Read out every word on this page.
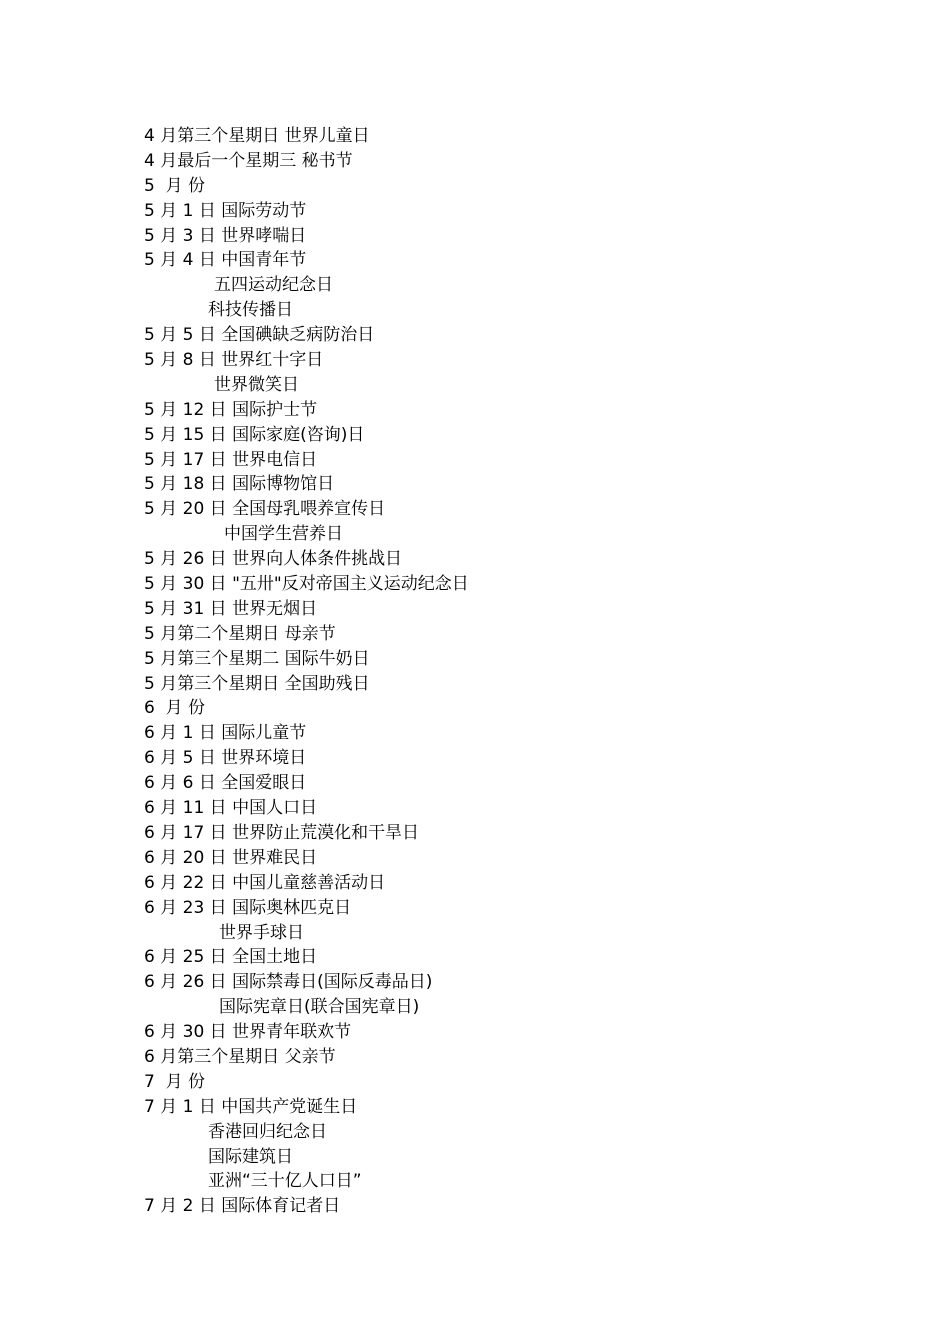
4 月第三个星期日 世界儿童日
4 月最后一个星期三 秘书节
5  月 份
5 月 1 日 国际劳动节
5 月 3 日 世界哮喘日
5 月 4 日 中国青年节
五四运动纪念日
科技传播日
5 月 5 日 全国碘缺乏病防治日
5 月 8 日 世界红十字日
世界微笑日
5 月 12 日 国际护士节
5 月 15 日 国际家庭(咨询)日
5 月 17 日 世界电信日
5 月 18 日 国际博物馆日
5 月 20 日 全国母乳喂养宣传日
中国学生营养日
5 月 26 日 世界向人体条件挑战日
5 月 30 日 "五卅"反对帝国主义运动纪念日
5 月 31 日 世界无烟日
5 月第二个星期日 母亲节
5 月第三个星期二 国际牛奶日
5 月第三个星期日 全国助残日
6  月 份
6 月 1 日 国际儿童节
6 月 5 日 世界环境日
6 月 6 日 全国爱眼日
6 月 11 日 中国人口日
6 月 17 日 世界防止荒漠化和干旱日
6 月 20 日 世界难民日
6 月 22 日 中国儿童慈善活动日
6 月 23 日 国际奥林匹克日
世界手球日
6 月 25 日 全国土地日
6 月 26 日 国际禁毒日(国际反毒品日)
国际宪章日(联合国宪章日)
6 月 30 日 世界青年联欢节
6 月第三个星期日 父亲节
7  月 份
7 月 1 日 中国共产党诞生日
香港回归纪念日
国际建筑日
亚洲“三十亿人口日”
7 月 2 日 国际体育记者日
